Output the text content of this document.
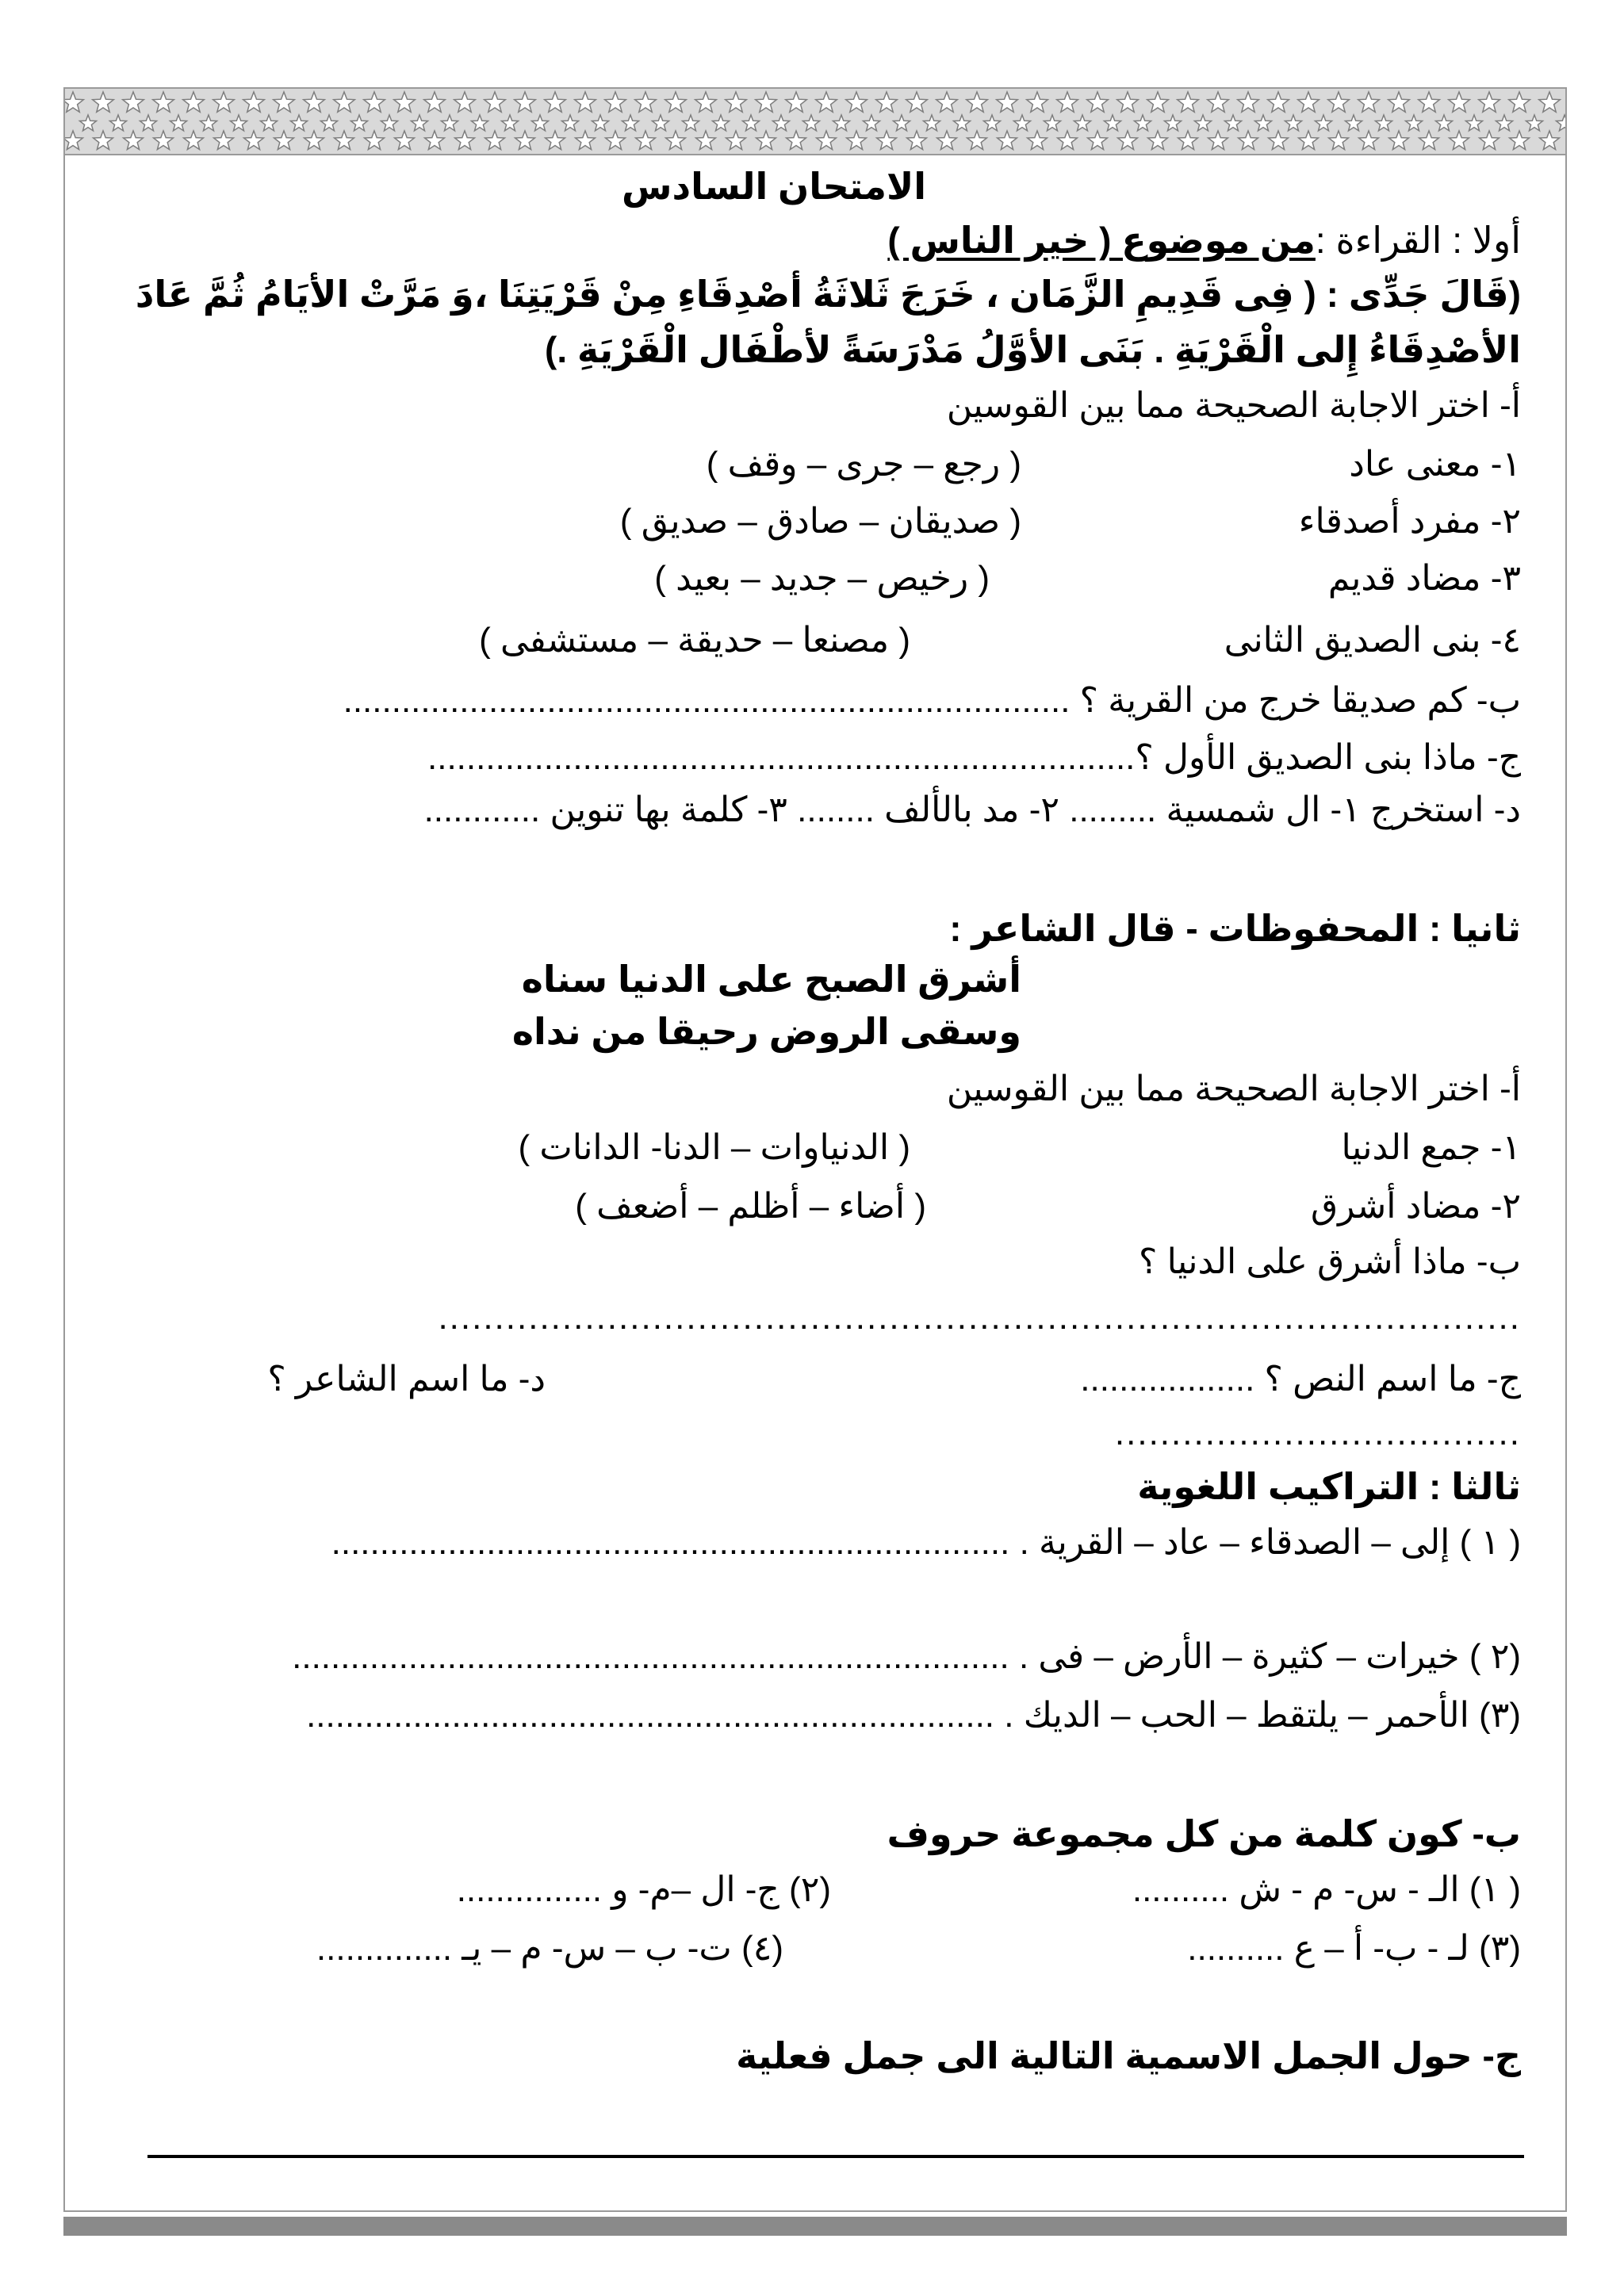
الامتحان السادس
أولا : القراءة :من موضوع ( خير الناس )
(قَالَ جَدِّى : ( فِى قَدِيمِ الزَّمَان ، خَرَجَ ثَلاثَةُ أصْدِقَاءِ مِنْ قَرْيَتِنَا ،وَ مَرَّتْ الأيَامُ ثُمَّ عَادَ
الأصْدِقَاءُ إِلى الْقَرْيَةِ . بَنَى الأوَّلُ مَدْرَسَةً لأطْفَال الْقَرْيَةِ .)
أ- اختر الاجابة الصحيحة مما بين القوسين
١- معنى عاد
( رجع – جرى – وقف )
٢- مفرد أصدقاء
( صديقان – صادق – صديق )
٣- مضاد قديم
( رخيص – جديد – بعيد )
٤- بنى الصديق الثانى
( مصنعا – حديقة – مستشفى )
ب- كم صديقا خرج من القرية ؟ ...........................................................................
ج- ماذا بنى الصديق الأول ؟.........................................................................
د- استخرج ١- ال شمسية ......... ٢- مد بالألف ........ ٣- كلمة بها تنوين ............
ثانيا : المحفوظات - قال الشاعر :
أشرق الصبح على الدنيا سناه
وسقى الروض رحيقا من نداه
أ- اختر الاجابة الصحيحة مما بين القوسين
١- جمع الدنيا
( الدنياوات – الدنا- الدانات )
٢- مضاد أشرق
( أضاء – أظلم – أضعف )
ب- ماذا أشرق على الدنيا ؟
................................................................................................
ج- ما اسم النص ؟ ..................
د- ما اسم الشاعر ؟
....................................
ثالثا : التراكيب اللغوية
( ١ ) إلى – الصدقاء – عاد – القرية . ......................................................................
(٢ ) خيرات – كثيرة – الأرض – فى . ..........................................................................
(٣) الأحمر – يلتقط – الحب – الديك . .......................................................................
ب- كون كلمة من كل مجموعة حروف
( ١) الـ - س- م - ش ..........
(٢) ج- ال –م- و ...............
(٣) لـ - ب- أ – ع ..........
(٤) ت- ب – س- م – يـ ..............
ج- حول الجمل الاسمية التالية الى جمل فعلية
